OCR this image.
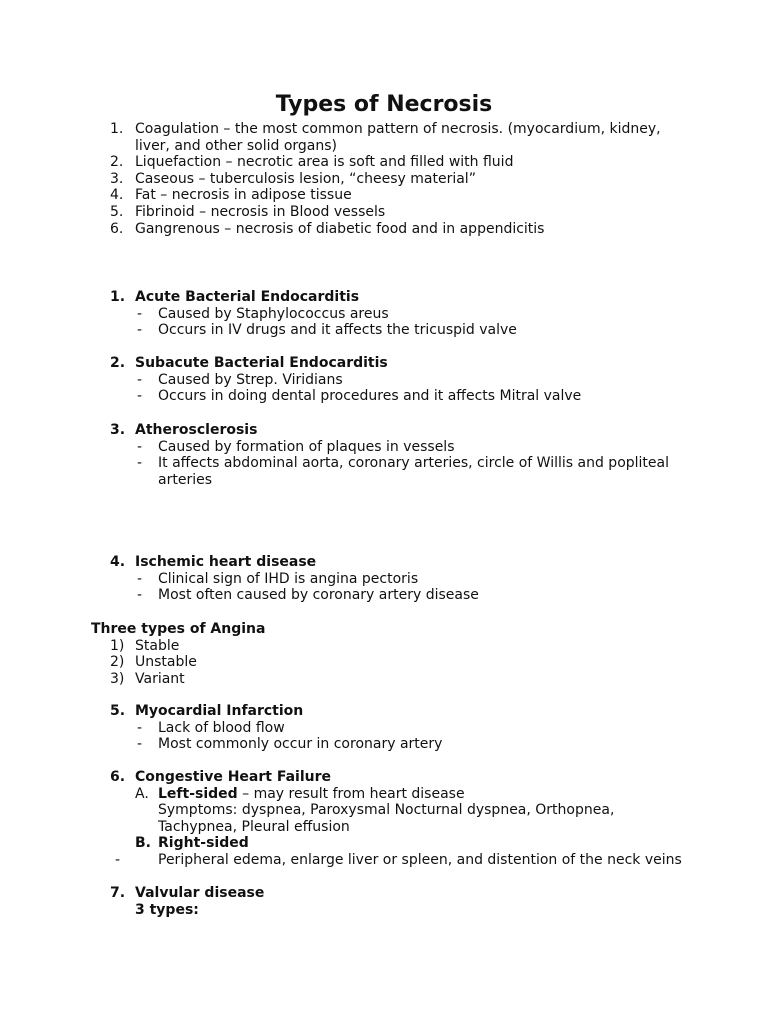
Types of Necrosis
1. Coagulation – the most common pattern of necrosis. (myocardium, kidney, liver, and other solid organs)
2. Liquefaction – necrotic area is soft and filled with fluid
3. Caseous – tuberculosis lesion, “cheesy material”
4. Fat – necrosis in adipose tissue
5. Fibrinoid – necrosis in Blood vessels
6. Gangrenous – necrosis of diabetic food and in appendicitis
1. Acute Bacterial Endocarditis
- Caused by Staphylococcus areus
- Occurs in IV drugs and it affects the tricuspid valve
2. Subacute Bacterial Endocarditis
- Caused by Strep. Viridians
- Occurs in doing dental procedures and it affects Mitral valve
3. Atherosclerosis
- Caused by formation of plaques in vessels
- It affects abdominal aorta, coronary arteries, circle of Willis and popliteal arteries
4. Ischemic heart disease
- Clinical sign of IHD is angina pectoris
- Most often caused by coronary artery disease
Three types of Angina
1) Stable
2) Unstable
3) Variant
5. Myocardial Infarction
- Lack of blood flow
- Most commonly occur in coronary artery
6. Congestive Heart Failure
A. Left-sided – may result from heart disease
Symptoms: dyspnea, Paroxysmal Nocturnal dyspnea, Orthopnea, Tachypnea, Pleural effusion
B. Right-sided
-	Peripheral edema, enlarge liver or spleen, and distention of the neck veins
7. Valvular disease
3 types:
